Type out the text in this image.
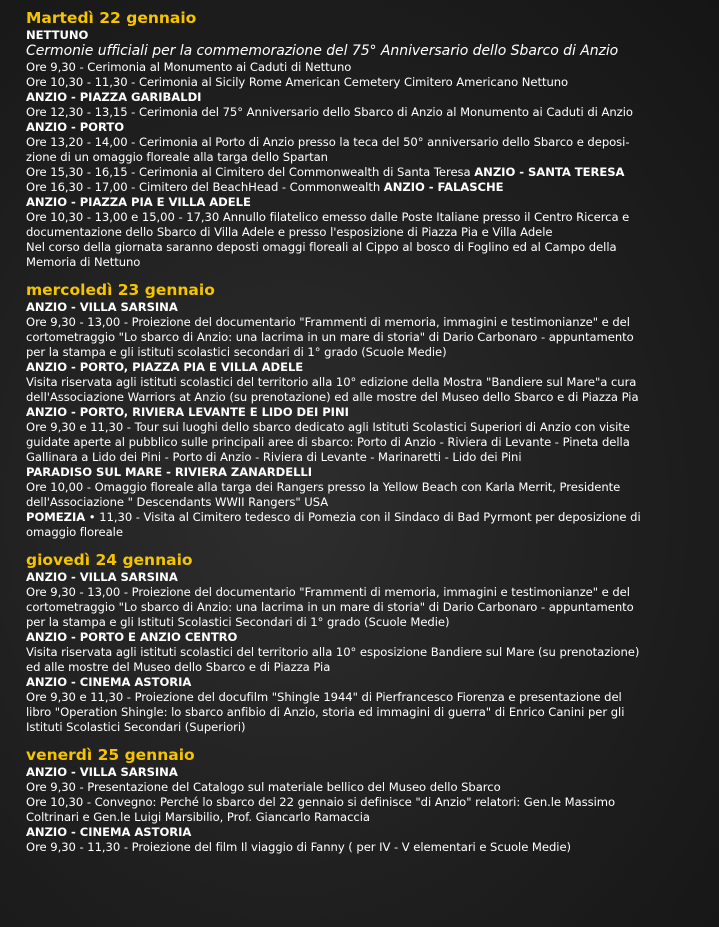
Martedì 22 gennaio
NETTUNO
Cermonie ufficiali per la commemorazione del 75° Anniversario dello Sbarco di Anzio
Ore 9,30 - Cerimonia al Monumento ai Caduti di Nettuno
Ore 10,30 - 11,30 - Cerimonia al Sicily Rome American Cemetery Cimitero Americano Nettuno
ANZIO - PIAZZA GARIBALDI
Ore 12,30 - 13,15 - Cerimonia del 75° Anniversario dello Sbarco di Anzio al Monumento ai Caduti di Anzio
ANZIO - PORTO
Ore 13,20 - 14,00 - Cerimonia al Porto di Anzio presso la teca del 50° anniversario dello Sbarco e deposi-
zione di un omaggio floreale alla targa dello Spartan
Ore 15,30 - 16,15 - Cerimonia al Cimitero del Commonwealth di Santa Teresa ANZIO - SANTA TERESA
Ore 16,30 - 17,00 - Cimitero del BeachHead - Commonwealth ANZIO - FALASCHE
ANZIO - PIAZZA PIA E VILLA ADELE
Ore 10,30 - 13,00 e 15,00 - 17,30 Annullo filatelico emesso dalle Poste Italiane presso il Centro Ricerca e
documentazione dello Sbarco di Villa Adele e presso l'esposizione di Piazza Pia e Villa Adele
Nel corso della giornata saranno deposti omaggi floreali al Cippo al bosco di Foglino ed al Campo della
Memoria di Nettuno
mercoledì 23 gennaio
ANZIO - VILLA SARSINA
Ore 9,30 - 13,00 - Proiezione del documentario "Frammenti di memoria, immagini e testimonianze" e del
cortometraggio "Lo sbarco di Anzio: una lacrima in un mare di storia" di Dario Carbonaro - appuntamento
per la stampa e gli istituti scolastici secondari di 1° grado (Scuole Medie)
ANZIO - PORTO, PIAZZA PIA E VILLA ADELE
Visita riservata agli istituti scolastici del territorio alla 10° edizione della Mostra "Bandiere sul Mare"a cura
dell'Associazione Warriors at Anzio (su prenotazione) ed alle mostre del Museo dello Sbarco e di Piazza Pia
ANZIO - PORTO, RIVIERA LEVANTE E LIDO DEI PINI
Ore 9,30 e 11,30 - Tour sui luoghi dello sbarco dedicato agli Istituti Scolastici Superiori di Anzio con visite
guidate aperte al pubblico sulle principali aree di sbarco: Porto di Anzio - Riviera di Levante - Pineta della
Gallinara a Lido dei Pini - Porto di Anzio - Riviera di Levante - Marinaretti - Lido dei Pini
PARADISO SUL MARE - RIVIERA ZANARDELLI
Ore 10,00 - Omaggio floreale alla targa dei Rangers presso la Yellow Beach con Karla Merrit, Presidente
dell'Associazione " Descendants WWII Rangers" USA
POMEZIA • 11,30 - Visita al Cimitero tedesco di Pomezia con il Sindaco di Bad Pyrmont per deposizione di
omaggio floreale
giovedì 24 gennaio
ANZIO - VILLA SARSINA
Ore 9,30 - 13,00 - Proiezione del documentario "Frammenti di memoria, immagini e testimonianze" e del
cortometraggio "Lo sbarco di Anzio: una lacrima in un mare di storia" di Dario Carbonaro - appuntamento
per la stampa e gli Istituti Scolastici Secondari di 1° grado (Scuole Medie)
ANZIO - PORTO E ANZIO CENTRO
Visita riservata agli istituti scolastici del territorio alla 10° esposizione Bandiere sul Mare (su prenotazione)
ed alle mostre del Museo dello Sbarco e di Piazza Pia
ANZIO - CINEMA ASTORIA
Ore 9,30 e 11,30 - Proiezione del docufilm "Shingle 1944" di Pierfrancesco Fiorenza e presentazione del
libro "Operation Shingle: lo sbarco anfibio di Anzio, storia ed immagini di guerra" di Enrico Canini per gli
Istituti Scolastici Secondari (Superiori)
venerdì 25 gennaio
ANZIO - VILLA SARSINA
Ore 9,30 - Presentazione del Catalogo sul materiale bellico del Museo dello Sbarco
Ore 10,30 - Convegno: Perché lo sbarco del 22 gennaio si definisce "di Anzio" relatori: Gen.le Massimo
Coltrinari e Gen.le Luigi Marsibilio, Prof. Giancarlo Ramaccia
ANZIO - CINEMA ASTORIA
Ore 9,30 - 11,30 - Proiezione del film Il viaggio di Fanny ( per IV - V elementari e Scuole Medie)
